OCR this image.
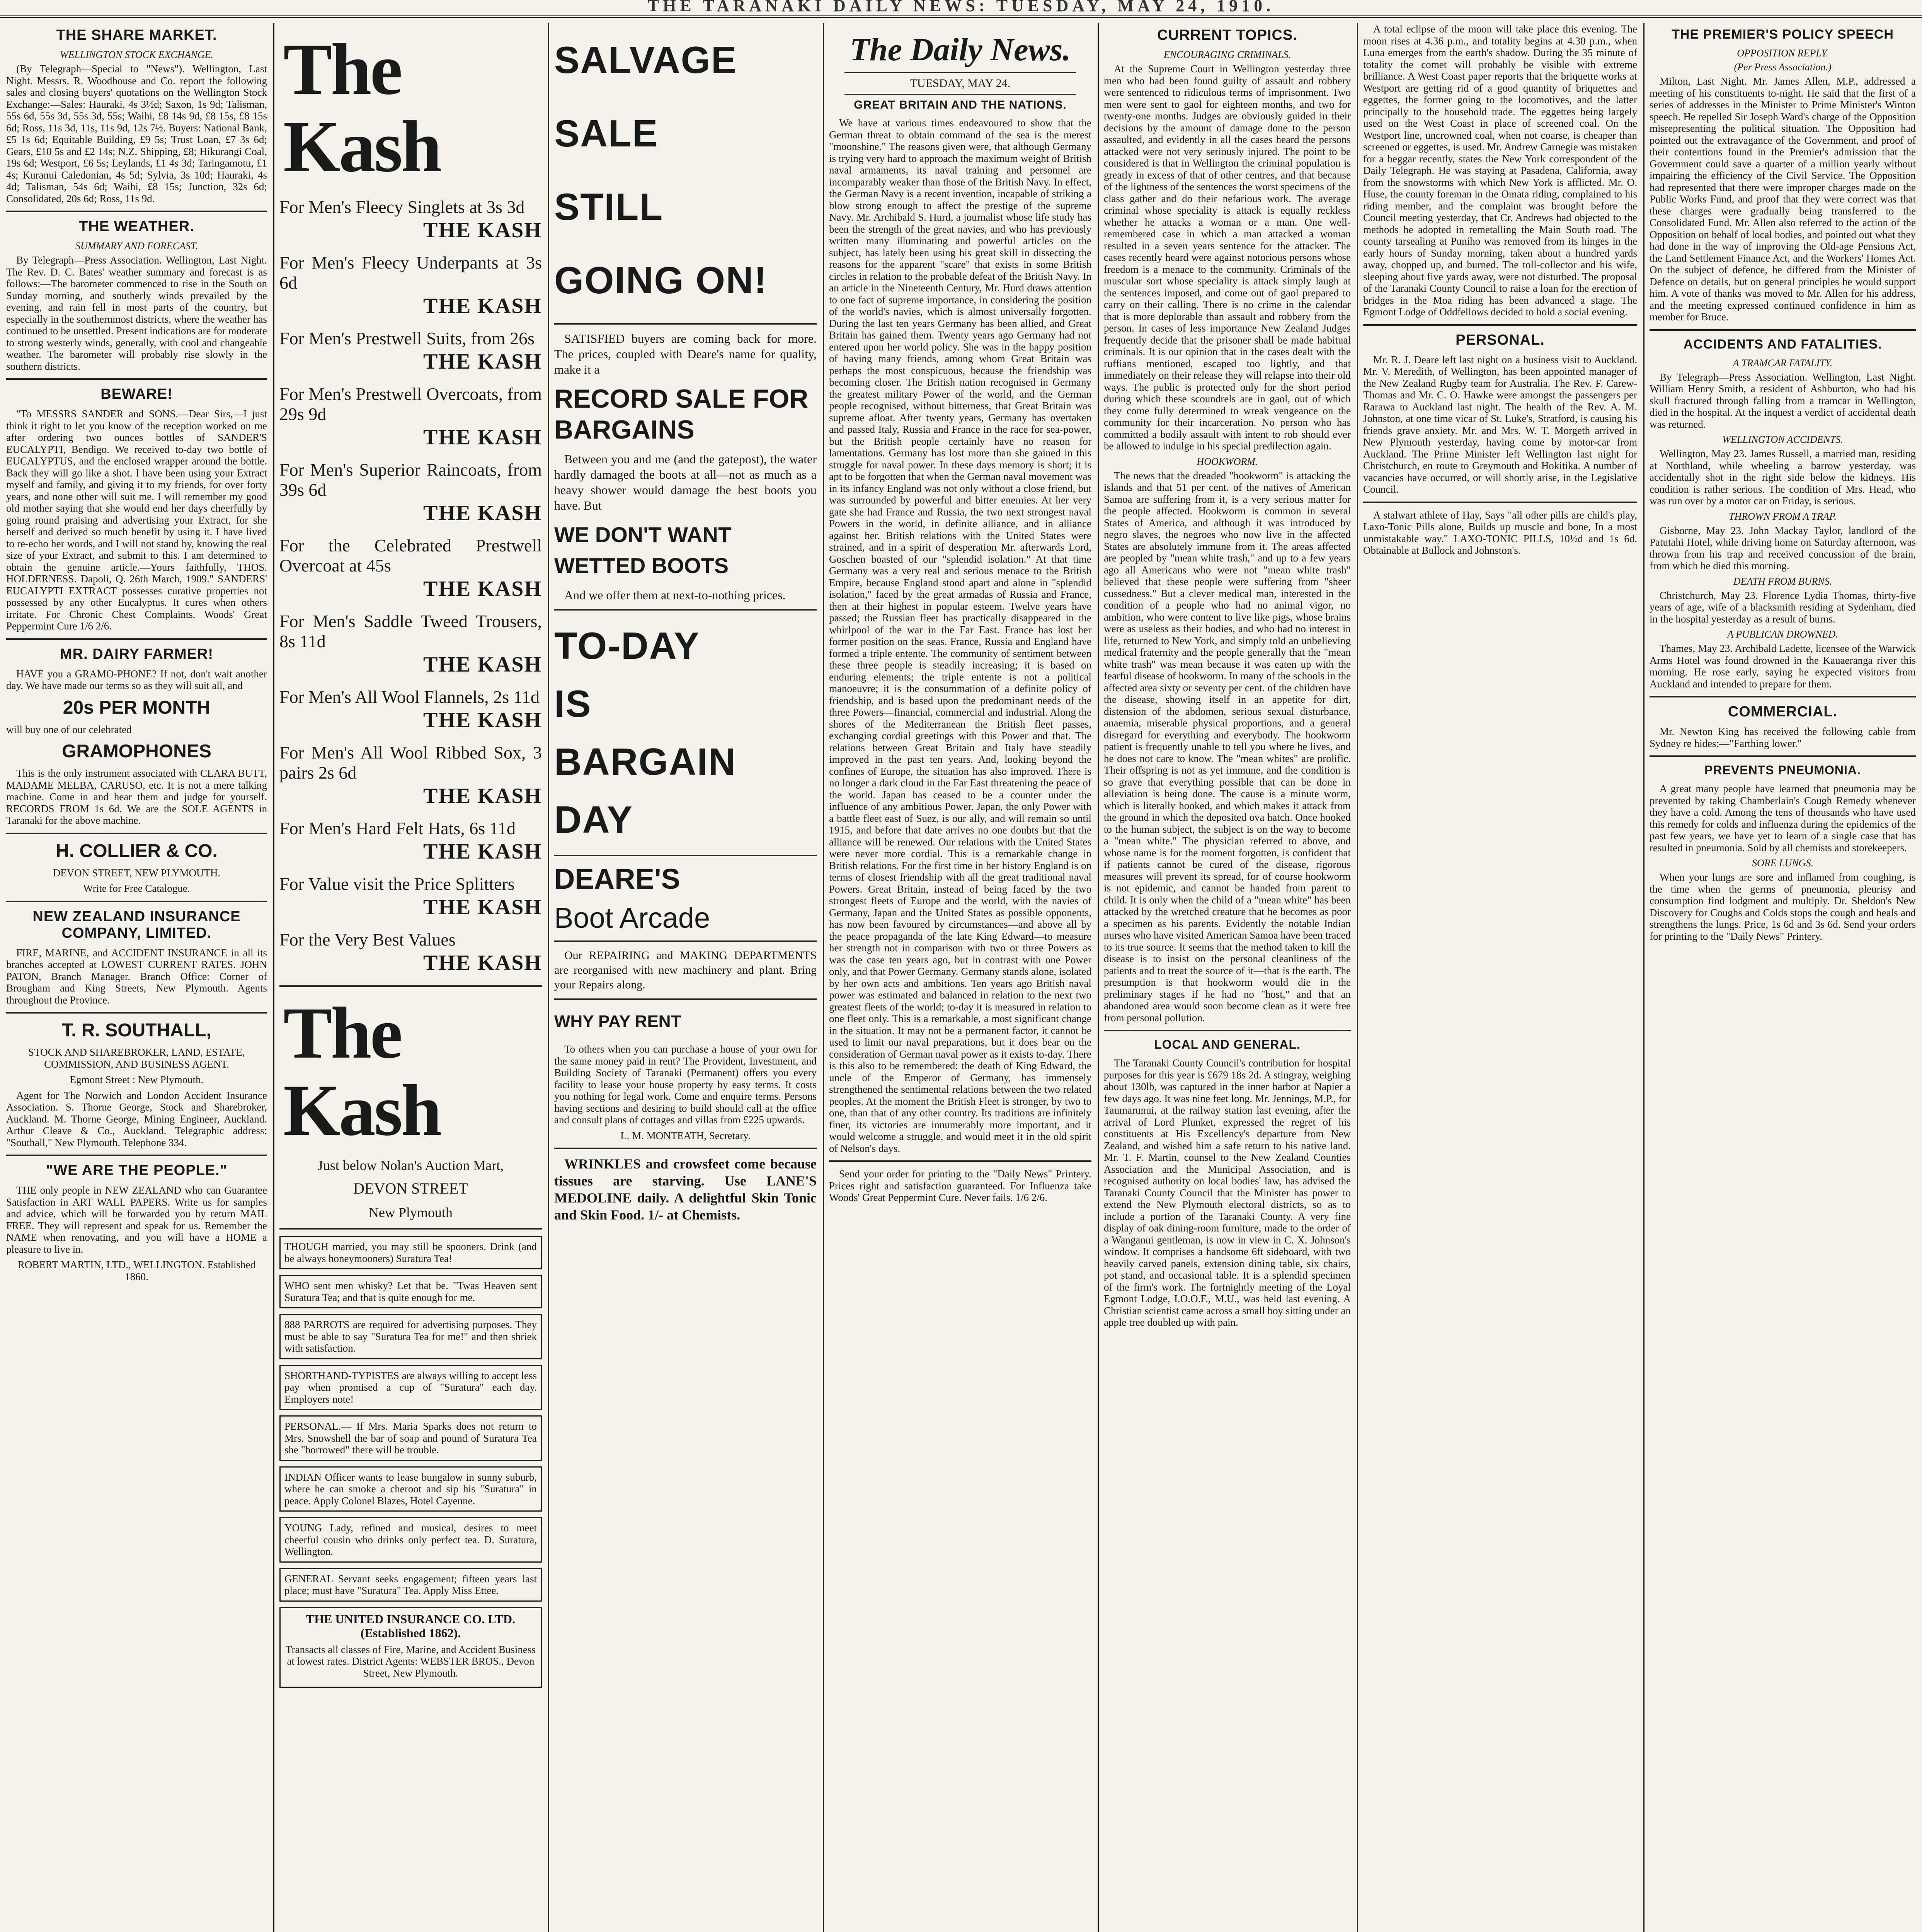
THE TARANAKI DAILY NEWS: TUESDAY, MAY 24, 1910.
THE SHARE MARKET.
WELLINGTON STOCK EXCHANGE.

(By Telegraph—Special to "News"). Wellington, Last Night. Messrs. R. Woodhouse and Co. report the following sales and closing buyers' quotations on the Wellington Stock Exchange:—Sales: Hauraki, 4s 3½d; Saxon, 1s 9d; Talisman, 55s 6d, 55s 3d, 55s 3d, 55s; Waihi, £8 14s 9d, £8 15s, £8 15s 6d; Ross, 11s 3d, 11s, 11s 9d, 12s 7½. Buyers: National Bank, £5 1s 6d; Equitable Building, £9 5s; Trust Loan, £7 3s 6d; Gears, £10 5s and £2 14s; N.Z. Shipping, £8; Hikurangi Coal, 19s 6d; Westport, £6 5s; Leylands, £1 4s 3d; Taringamotu, £1 4s; Kuranui Caledonian, 4s 5d; Sylvia, 3s 10d; Hauraki, 4s 4d; Talisman, 54s 6d; Waihi, £8 15s; Junction, 32s 6d; Consolidated, 20s 6d; Ross, 11s 9d.

THE WEATHER.
SUMMARY AND FORECAST.

By Telegraph—Press Association. Wellington, Last Night. The Rev. D. C. Bates' weather summary and forecast is as follows:—The barometer commenced to rise in the South on Sunday morning, and southerly winds prevailed by the evening, and rain fell in most parts of the country, but especially in the southernmost districts, where the weather has continued to be unsettled. Present indications are for moderate to strong westerly winds, generally, with cool and changeable weather. The barometer will probably rise slowly in the southern districts.

BEWARE!

"To MESSRS SANDER and SONS.—Dear Sirs,—I just think it right to let you know of the reception worked on me after ordering two ounces bottles of SANDER'S EUCALYPTI, Bendigo. We received to-day two bottle of EUCALYPTUS, and the enclosed wrapper around the bottle. Back they will go like a shot. I have been using your Extract myself and family, and giving it to my friends, for over forty years, and none other will suit me. I will remember my good old mother saying that she would end her days cheerfully by going round praising and advertising your Extract, for she herself and derived so much benefit by using it. I have lived to re-echo her words, and I will not stand by, knowing the real size of your Extract, and submit to this. I am determined to obtain the genuine article.—Yours faithfully, THOS. HOLDERNESS. Dapoli, Q. 26th March, 1909." SANDERS' EUCALYPTI EXTRACT possesses curative properties not possessed by any other Eucalyptus. It cures when others irritate. For Chronic Chest Complaints. Woods' Great Peppermint Cure 1/6 2/6.

MR. DAIRY FARMER!

HAVE you a GRAMO-PHONE? If not, don't wait another day. We have made our terms so as they will suit all, and

20s PER MONTH

will buy one of our celebrated

GRAMOPHONES

This is the only instrument associated with CLARA BUTT, MADAME MELBA, CARUSO, etc. It is not a mere talking machine. Come in and hear them and judge for yourself. RECORDS FROM 1s 6d. We are the SOLE AGENTS in Taranaki for the above machine.

H. COLLIER & CO.

DEVON STREET, NEW PLYMOUTH.

Write for Free Catalogue.

NEW ZEALAND INSURANCE COMPANY, LIMITED.

FIRE, MARINE, and ACCIDENT INSURANCE in all its branches accepted at LOWEST CURRENT RATES. JOHN PATON, Branch Manager. Branch Office: Corner of Brougham and King Streets, New Plymouth. Agents throughout the Province.

T. R. SOUTHALL,

STOCK AND SHAREBROKER, LAND, ESTATE, COMMISSION, AND BUSINESS AGENT.

Egmont Street : New Plymouth.

Agent for The Norwich and London Accident Insurance Association. S. Thorne George, Stock and Sharebroker, Auckland. M. Thorne George, Mining Engineer, Auckland. Arthur Cleave & Co., Auckland. Telegraphic address: "Southall," New Plymouth. Telephone 334.

"WE ARE THE PEOPLE."

THE only people in NEW ZEALAND who can Guarantee Satisfaction in ART WALL PAPERS. Write us for samples and advice, which will be forwarded you by return MAIL FREE. They will represent and speak for us. Remember the NAME when renovating, and you will have a HOME a pleasure to live in.

ROBERT MARTIN, LTD., WELLINGTON. Established 1860.

The Kash

For Men's Fleecy Singlets at 3s 3d

THE KASH

For Men's Fleecy Underpants at 3s 6d

THE KASH

For Men's Prestwell Suits, from 26s

THE KASH

For Men's Prestwell Overcoats, from 29s 9d

THE KASH

For Men's Superior Raincoats, from 39s 6d

THE KASH

For the Celebrated Prestwell Overcoat at 45s

THE KASH

For Men's Saddle Tweed Trousers, 8s 11d

THE KASH

For Men's All Wool Flannels, 2s 11d

THE KASH

For Men's All Wool Ribbed Sox, 3 pairs 2s 6d

THE KASH

For Men's Hard Felt Hats, 6s 11d

THE KASH

For Value visit the Price Splitters

THE KASH

For the Very Best Values

THE KASH
The Kash

Just below Nolan's Auction Mart,

DEVON STREET

New Plymouth

THOUGH married, you may still be spooners. Drink (and be always honeymooners) Suratura Tea!

WHO sent men whisky? Let that be. "Twas Heaven sent Suratura Tea; and that is quite enough for me.

888 PARROTS are required for advertising purposes. They must be able to say "Suratura Tea for me!" and then shriek with satisfaction.

SHORTHAND-TYPISTES are always willing to accept less pay when promised a cup of "Suratura" each day. Employers note!

PERSONAL.— If Mrs. Maria Sparks does not return to Mrs. Snowshell the bar of soap and pound of Suratura Tea she "borrowed" there will be trouble.

INDIAN Officer wants to lease bungalow in sunny suburb, where he can smoke a cheroot and sip his "Suratura" in peace. Apply Colonel Blazes, Hotel Cayenne.

YOUNG Lady, refined and musical, desires to meet cheerful cousin who drinks only perfect tea. D. Suratura, Wellington.

GENERAL Servant seeks engagement; fifteen years last place; must have "Suratura" Tea. Apply Miss Ettee.

THE UNITED INSURANCE CO. LTD. (Established 1862).

Transacts all classes of Fire, Marine, and Accident Business at lowest rates. District Agents: WEBSTER BROS., Devon Street, New Plymouth.

SALVAGE
SALE
STILL
GOING ON!

SATISFIED buyers are coming back for more. The prices, coupled with Deare's name for quality, make it a

RECORD SALE FOR BARGAINS

Between you and me (and the gatepost), the water hardly damaged the boots at all—not as much as a heavy shower would damage the best boots you have. But

WE DON'T WANT WETTED BOOTS

And we offer them at next-to-nothing prices.

TO-DAY
IS
BARGAIN
DAY
DEARE'S
Boot Arcade

Our REPAIRING and MAKING DEPARTMENTS are reorganised with new machinery and plant. Bring your Repairs along.

WHY PAY RENT

To others when you can purchase a house of your own for the same money paid in rent? The Provident, Investment, and Building Society of Taranaki (Permanent) offers you every facility to lease your house property by easy terms. It costs you nothing for legal work. Come and enquire terms. Persons having sections and desiring to build should call at the office and consult plans of cottages and villas from £225 upwards.

L. M. MONTEATH, Secretary.

WRINKLES and crowsfeet come because tissues are starving. Use LANE'S MEDOLINE daily. A delightful Skin Tonic and Skin Food. 1/- at Chemists.

The Daily News.
TUESDAY, MAY 24.
GREAT BRITAIN AND THE NATIONS.

We have at various times endeavoured to show that the German threat to obtain command of the sea is the merest "moonshine." The reasons given were, that although Germany is trying very hard to approach the maximum weight of British naval armaments, its naval training and personnel are incomparably weaker than those of the British Navy. In effect, the German Navy is a recent invention, incapable of striking a blow strong enough to affect the prestige of the supreme Navy. Mr. Archibald S. Hurd, a journalist whose life study has been the strength of the great navies, and who has previously written many illuminating and powerful articles on the subject, has lately been using his great skill in dissecting the reasons for the apparent "scare" that exists in some British circles in relation to the probable defeat of the British Navy. In an article in the Nineteenth Century, Mr. Hurd draws attention to one fact of supreme importance, in considering the position of the world's navies, which is almost universally forgotten. During the last ten years Germany has been allied, and Great Britain has gained them. Twenty years ago Germany had not entered upon her world policy. She was in the happy position of having many friends, among whom Great Britain was perhaps the most conspicuous, because the friendship was becoming closer. The British nation recognised in Germany the greatest military Power of the world, and the German people recognised, without bitterness, that Great Britain was supreme afloat. After twenty years, Germany has overtaken and passed Italy, Russia and France in the race for sea-power, but the British people certainly have no reason for lamentations. Germany has lost more than she gained in this struggle for naval power. In these days memory is short; it is apt to be forgotten that when the German naval movement was in its infancy England was not only without a close friend, but was surrounded by powerful and bitter enemies. At her very gate she had France and Russia, the two next strongest naval Powers in the world, in definite alliance, and in alliance against her. British relations with the United States were strained, and in a spirit of desperation Mr. afterwards Lord, Goschen boasted of our "splendid isolation." At that time Germany was a very real and serious menace to the British Empire, because England stood apart and alone in "splendid isolation," faced by the great armadas of Russia and France, then at their highest in popular esteem. Twelve years have passed; the Russian fleet has practically disappeared in the whirlpool of the war in the Far East. France has lost her former position on the seas. France, Russia and England have formed a triple entente. The community of sentiment between these three people is steadily increasing; it is based on enduring elements; the triple entente is not a political manoeuvre; it is the consummation of a definite policy of friendship, and is based upon the predominant needs of the three Powers—financial, commercial and industrial. Along the shores of the Mediterranean the British fleet passes, exchanging cordial greetings with this Power and that. The relations between Great Britain and Italy have steadily improved in the past ten years. And, looking beyond the confines of Europe, the situation has also improved. There is no longer a dark cloud in the Far East threatening the peace of the world. Japan has ceased to be a counter under the influence of any ambitious Power. Japan, the only Power with a battle fleet east of Suez, is our ally, and will remain so until 1915, and before that date arrives no one doubts but that the alliance will be renewed. Our relations with the United States were never more cordial. This is a remarkable change in British relations. For the first time in her history England is on terms of closest friendship with all the great traditional naval Powers. Great Britain, instead of being faced by the two strongest fleets of Europe and the world, with the navies of Germany, Japan and the United States as possible opponents, has now been favoured by circumstances—and above all by the peace propaganda of the late King Edward—to measure her strength not in comparison with two or three Powers as was the case ten years ago, but in contrast with one Power only, and that Power Germany. Germany stands alone, isolated by her own acts and ambitions. Ten years ago British naval power was estimated and balanced in relation to the next two greatest fleets of the world; to-day it is measured in relation to one fleet only. This is a remarkable, a most significant change in the situation. It may not be a permanent factor, it cannot be used to limit our naval preparations, but it does bear on the consideration of German naval power as it exists to-day. There is this also to be remembered: the death of King Edward, the uncle of the Emperor of Germany, has immensely strengthened the sentimental relations between the two related peoples. At the moment the British Fleet is stronger, by two to one, than that of any other country. Its traditions are infinitely finer, its victories are innumerably more important, and it would welcome a struggle, and would meet it in the old spirit of Nelson's days.

Send your order for printing to the "Daily News" Printery. Prices right and satisfaction guaranteed. For Influenza take Woods' Great Peppermint Cure. Never fails. 1/6 2/6.

CURRENT TOPICS.
ENCOURAGING CRIMINALS.

At the Supreme Court in Wellington yesterday three men who had been found guilty of assault and robbery were sentenced to ridiculous terms of imprisonment. Two men were sent to gaol for eighteen months, and two for twenty-one months. Judges are obviously guided in their decisions by the amount of damage done to the person assaulted, and evidently in all the cases heard the persons attacked were not very seriously injured. The point to be considered is that in Wellington the criminal population is greatly in excess of that of other centres, and that because of the lightness of the sentences the worst specimens of the class gather and do their nefarious work. The average criminal whose speciality is attack is equally reckless whether he attacks a woman or a man. One well-remembered case in which a man attacked a woman resulted in a seven years sentence for the attacker. The cases recently heard were against notorious persons whose freedom is a menace to the community. Criminals of the muscular sort whose speciality is attack simply laugh at the sentences imposed, and come out of gaol prepared to carry on their calling. There is no crime in the calendar that is more deplorable than assault and robbery from the person. In cases of less importance New Zealand Judges frequently decide that the prisoner shall be made habitual criminals. It is our opinion that in the cases dealt with the ruffians mentioned, escaped too lightly, and that immediately on their release they will relapse into their old ways. The public is protected only for the short period during which these scoundrels are in gaol, out of which they come fully determined to wreak vengeance on the community for their incarceration. No person who has committed a bodily assault with intent to rob should ever be allowed to indulge in his special predilection again.

HOOKWORM.

The news that the dreaded "hookworm" is attacking the islands and that 51 per cent. of the natives of American Samoa are suffering from it, is a very serious matter for the people affected. Hookworm is common in several States of America, and although it was introduced by negro slaves, the negroes who now live in the affected States are absolutely immune from it. The areas affected are peopled by "mean white trash," and up to a few years ago all Americans who were not "mean white trash" believed that these people were suffering from "sheer cussedness." But a clever medical man, interested in the condition of a people who had no animal vigor, no ambition, who were content to live like pigs, whose brains were as useless as their bodies, and who had no interest in life, returned to New York, and simply told an unbelieving medical fraternity and the people generally that the "mean white trash" was mean because it was eaten up with the fearful disease of hookworm. In many of the schools in the affected area sixty or seventy per cent. of the children have the disease, showing itself in an appetite for dirt, distension of the abdomen, serious sexual disturbance, anaemia, miserable physical proportions, and a general disregard for everything and everybody. The hookworm patient is frequently unable to tell you where he lives, and he does not care to know. The "mean whites" are prolific. Their offspring is not as yet immune, and the condition is so grave that everything possible that can be done in alleviation is being done. The cause is a minute worm, which is literally hooked, and which makes it attack from the ground in which the deposited ova hatch. Once hooked to the human subject, the subject is on the way to become a "mean white." The physician referred to above, and whose name is for the moment forgotten, is confident that if patients cannot be cured of the disease, rigorous measures will prevent its spread, for of course hookworm is not epidemic, and cannot be handed from parent to child. It is only when the child of a "mean white" has been attacked by the wretched creature that he becomes as poor a specimen as his parents. Evidently the notable Indian nurses who have visited American Samoa have been traced to its true source. It seems that the method taken to kill the disease is to insist on the personal cleanliness of the patients and to treat the source of it—that is the earth. The presumption is that hookworm would die in the preliminary stages if he had no "host," and that an abandoned area would soon become clean as it were free from personal pollution.

LOCAL AND GENERAL.

The Taranaki County Council's contribution for hospital purposes for this year is £679 18s 2d. A stingray, weighing about 130lb, was captured in the inner harbor at Napier a few days ago. It was nine feet long. Mr. Jennings, M.P., for Taumarunui, at the railway station last evening, after the arrival of Lord Plunket, expressed the regret of his constituents at His Excellency's departure from New Zealand, and wished him a safe return to his native land. Mr. T. F. Martin, counsel to the New Zealand Counties Association and the Municipal Association, and is recognised authority on local bodies' law, has advised the Taranaki County Council that the Minister has power to extend the New Plymouth electoral districts, so as to include a portion of the Taranaki County. A very fine display of oak dining-room furniture, made to the order of a Wanganui gentleman, is now in view in C. X. Johnson's window. It comprises a handsome 6ft sideboard, with two heavily carved panels, extension dining table, six chairs, pot stand, and occasional table. It is a splendid specimen of the firm's work. The fortnightly meeting of the Loyal Egmont Lodge, I.O.O.F., M.U., was held last evening. A Christian scientist came across a small boy sitting under an apple tree doubled up with pain.

A total eclipse of the moon will take place this evening. The moon rises at 4.36 p.m., and totality begins at 4.30 p.m., when Luna emerges from the earth's shadow. During the 35 minute of totality the comet will probably be visible with extreme brilliance. A West Coast paper reports that the briquette works at Westport are getting rid of a good quantity of briquettes and eggettes, the former going to the locomotives, and the latter principally to the household trade. The eggettes being largely used on the West Coast in place of screened coal. On the Westport line, uncrowned coal, when not coarse, is cheaper than screened or eggettes, is used. Mr. Andrew Carnegie was mistaken for a beggar recently, states the New York correspondent of the Daily Telegraph. He was staying at Pasadena, California, away from the snowstorms with which New York is afflicted. Mr. O. Huse, the county foreman in the Omata riding, complained to his riding member, and the complaint was brought before the Council meeting yesterday, that Cr. Andrews had objected to the methods he adopted in remetalling the Main South road. The county tarsealing at Puniho was removed from its hinges in the early hours of Sunday morning, taken about a hundred yards away, chopped up, and burned. The toll-collector and his wife, sleeping about five yards away, were not disturbed. The proposal of the Taranaki County Council to raise a loan for the erection of bridges in the Moa riding has been advanced a stage. The Egmont Lodge of Oddfellows decided to hold a social evening.

PERSONAL.

Mr. R. J. Deare left last night on a business visit to Auckland. Mr. V. Meredith, of Wellington, has been appointed manager of the New Zealand Rugby team for Australia. The Rev. F. Carew-Thomas and Mr. C. O. Hawke were amongst the passengers per Rarawa to Auckland last night. The health of the Rev. A. M. Johnston, at one time vicar of St. Luke's, Stratford, is causing his friends grave anxiety. Mr. and Mrs. W. T. Morgeth arrived in New Plymouth yesterday, having come by motor-car from Auckland. The Prime Minister left Wellington last night for Christchurch, en route to Greymouth and Hokitika. A number of vacancies have occurred, or will shortly arise, in the Legislative Council.

A stalwart athlete of Hay, Says "all other pills are child's play, Laxo-Tonic Pills alone, Builds up muscle and bone, In a most unmistakable way." LAXO-TONIC PILLS, 10½d and 1s 6d. Obtainable at Bullock and Johnston's.

THE PREMIER'S POLICY SPEECH
OPPOSITION REPLY.
(Per Press Association.)

Milton, Last Night. Mr. James Allen, M.P., addressed a meeting of his constituents to-night. He said that the first of a series of addresses in the Minister to Prime Minister's Winton speech. He repelled Sir Joseph Ward's charge of the Opposition misrepresenting the political situation. The Opposition had pointed out the extravagance of the Government, and proof of their contentions found in the Premier's admission that the Government could save a quarter of a million yearly without impairing the efficiency of the Civil Service. The Opposition had represented that there were improper charges made on the Public Works Fund, and proof that they were correct was that these charges were gradually being transferred to the Consolidated Fund. Mr. Allen also referred to the action of the Opposition on behalf of local bodies, and pointed out what they had done in the way of improving the Old-age Pensions Act, the Land Settlement Finance Act, and the Workers' Homes Act. On the subject of defence, he differed from the Minister of Defence on details, but on general principles he would support him. A vote of thanks was moved to Mr. Allen for his address, and the meeting expressed continued confidence in him as member for Bruce.

ACCIDENTS AND FATALITIES.
A TRAMCAR FATALITY.

By Telegraph—Press Association. Wellington, Last Night. William Henry Smith, a resident of Ashburton, who had his skull fractured through falling from a tramcar in Wellington, died in the hospital. At the inquest a verdict of accidental death was returned.

WELLINGTON ACCIDENTS.

Wellington, May 23. James Russell, a married man, residing at Northland, while wheeling a barrow yesterday, was accidentally shot in the right side below the kidneys. His condition is rather serious. The condition of Mrs. Head, who was run over by a motor car on Friday, is serious.

THROWN FROM A TRAP.

Gisborne, May 23. John Mackay Taylor, landlord of the Patutahi Hotel, while driving home on Saturday afternoon, was thrown from his trap and received concussion of the brain, from which he died this morning.

DEATH FROM BURNS.

Christchurch, May 23. Florence Lydia Thomas, thirty-five years of age, wife of a blacksmith residing at Sydenham, died in the hospital yesterday as a result of burns.

A PUBLICAN DROWNED.

Thames, May 23. Archibald Ladette, licensee of the Warwick Arms Hotel was found drowned in the Kauaeranga river this morning. He rose early, saying he expected visitors from Auckland and intended to prepare for them.

COMMERCIAL.

Mr. Newton King has received the following cable from Sydney re hides:—"Farthing lower."

PREVENTS PNEUMONIA.

A great many people have learned that pneumonia may be prevented by taking Chamberlain's Cough Remedy whenever they have a cold. Among the tens of thousands who have used this remedy for colds and influenza during the epidemics of the past few years, we have yet to learn of a single case that has resulted in pneumonia. Sold by all chemists and storekeepers.

SORE LUNGS.

When your lungs are sore and inflamed from coughing, is the time when the germs of pneumonia, pleurisy and consumption find lodgment and multiply. Dr. Sheldon's New Discovery for Coughs and Colds stops the cough and heals and strengthens the lungs. Price, 1s 6d and 3s 6d. Send your orders for printing to the "Daily News" Printery.
